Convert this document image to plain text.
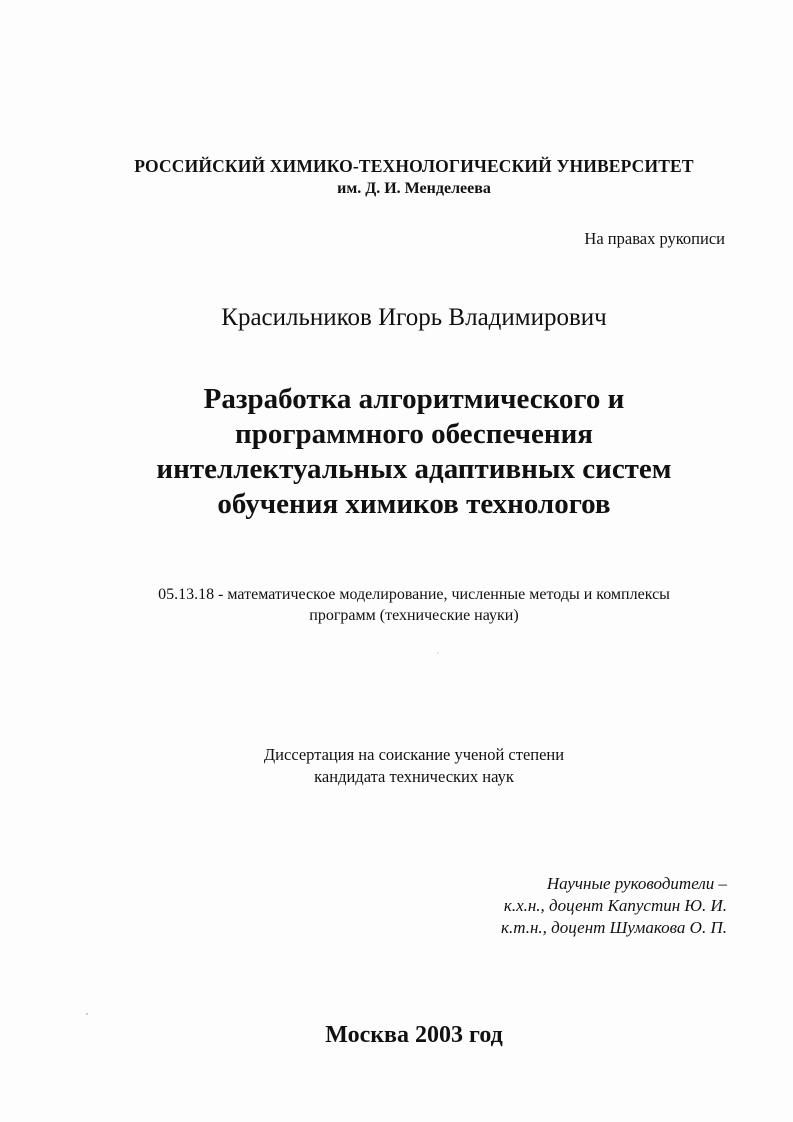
РОССИЙСКИЙ ХИМИКО-ТЕХНОЛОГИЧЕСКИЙ УНИВЕРСИТЕТ
им. Д. И. Менделеева
На правах рукописи
Красильников Игорь Владимирович
Разработка алгоритмического и
программного обеспечения
интеллектуальных адаптивных систем
обучения химиков технологов
05.13.18 - математическое моделирование, численные методы и комплексы
программ (технические науки)
Диссертация на соискание ученой степени
кандидата технических наук
Научные руководители –
к.х.н., доцент Капустин Ю. И.
к.т.н., доцент Шумакова О. П.
Москва 2003 год
